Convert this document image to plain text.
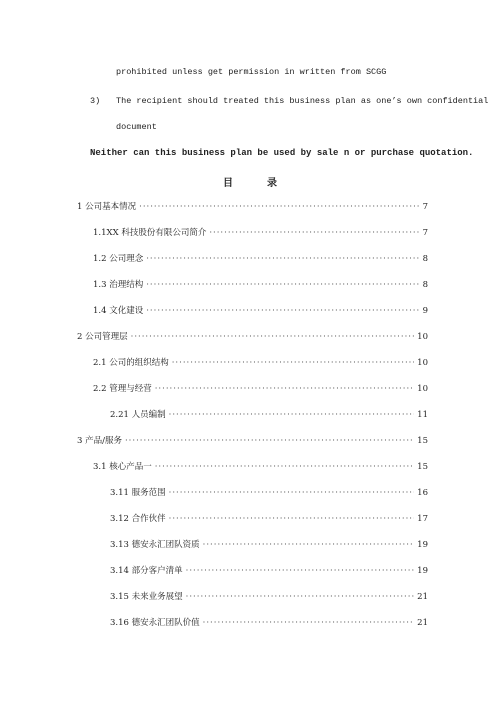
prohibited unless get permission in written from SCGG
3) The recipient should treated this business plan as one’s own confidential
document
Neither can this business plan be used by sale n or purchase quotation.
目录
1 公司基本情况 ·····	7
1.1XX 科技股份有限公司简介 ·····	7
1.2 公司理念 ·····	8
1.3 治理结构 ·····	8
1.4 文化建设 ·····	9
2 公司管理层 ·····	10
2.1 公司的组织结构 ·····	10
2.2 管理与经营 ·····	10
2.21 人员编制 ·····	11
3 产品/服务 ·····	15
3.1 核心产品一 ·····	15
3.11 服务范围 ·····	16
3.12 合作伙伴 ·····	17
3.13 德安永汇团队资质 ·····	19
3.14 部分客户清单 ·····	19
3.15 未来业务展望 ·····	21
3.16 德安永汇团队价值 ·····	21
